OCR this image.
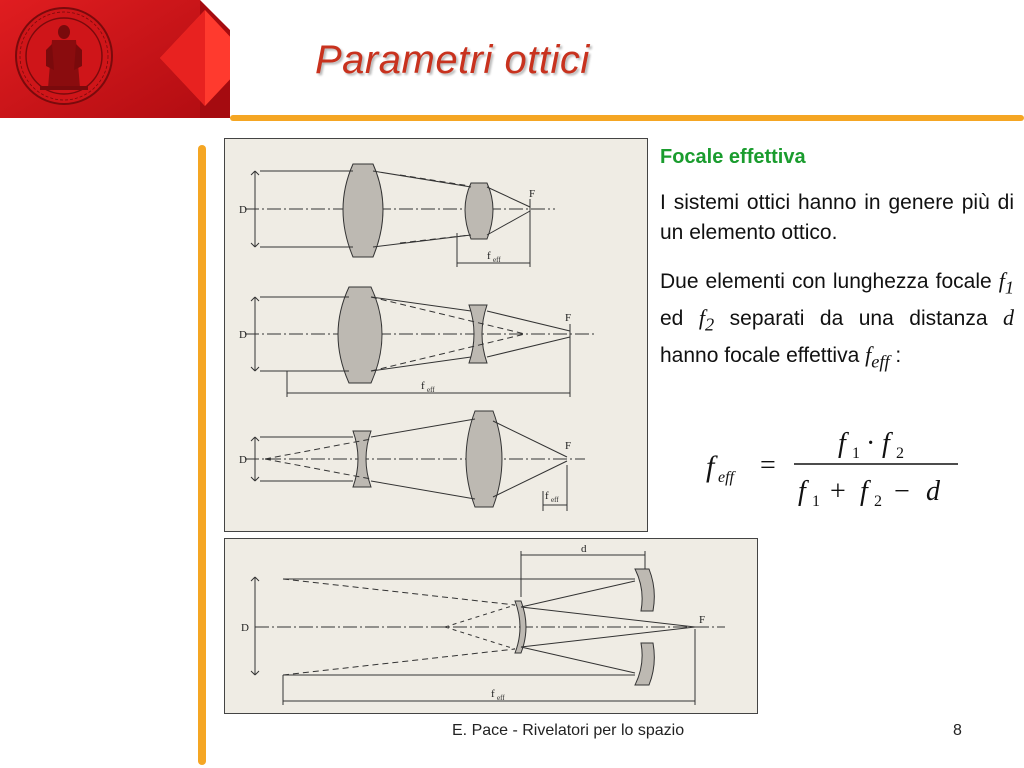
Parametri ottici
D
F
f eff
D
F
f eff
D
F
f eff
D
F
d
f eff
Focale effettiva
I sistemi ottici hanno in genere più di un elemento ottico.
Due elementi con lunghezza focale $f_1$ ed $f_2$ separati da una distanza d hanno focale effettiva $f_{eff}$ :
f eff =
f 1 · f 2
f 1 + f 2 − d
E. Pace - Rivelatori per lo spazio	8
